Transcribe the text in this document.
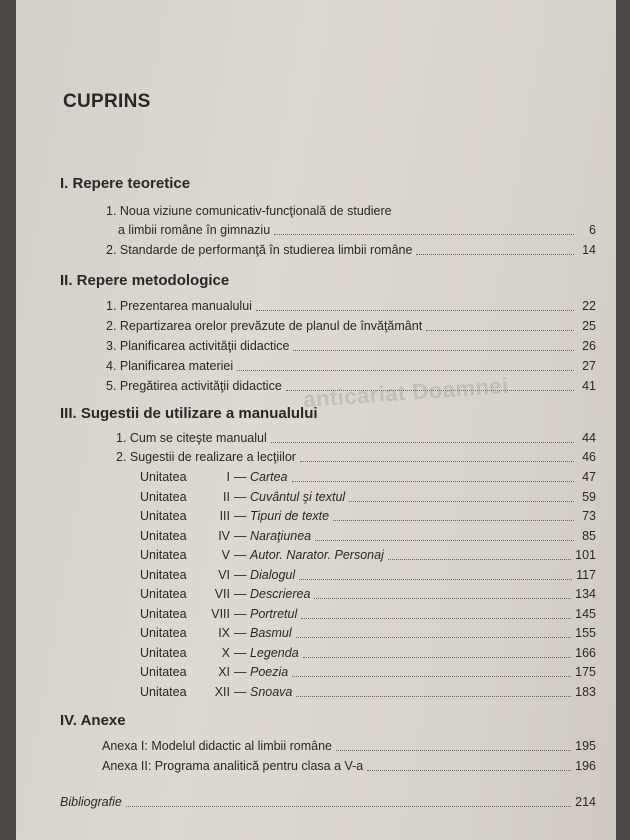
CUPRINS
I. Repere teoretice
1. Noua viziune comunicativ-funcţională de studiere
a limbii române în gimnaziu	6
2. Standarde de performanţă în studierea limbii române	14
II. Repere metodologice
1. Prezentarea manualului	22
2. Repartizarea orelor prevăzute de planul de învăţământ	25
3. Planificarea activităţii didactice	26
4. Planificarea materiei	27
5. Pregătirea activităţii didactice	41
III. Sugestii de utilizare a manualului
1. Cum se citeşte manualul	44
2. Sugestii de realizare a lecţiilor	46
Unitatea	I — Cartea	47
Unitatea	II — Cuvântul şi textul	59
Unitatea	III — Tipuri de texte	73
Unitatea	IV — Naraţiunea	85
Unitatea	V — Autor. Narator. Personaj	101
Unitatea	VI — Dialogul	117
Unitatea VII — Descrierea	134
Unitatea VIII — Portretul	145
Unitatea	IX — Basmul	155
Unitatea	X — Legenda	166
Unitatea	XI — Poezia	175
Unitatea XII — Snoava	183
IV. Anexe
Anexa I: Modelul didactic al limbii române	195
Anexa II: Programa analitică pentru clasa a V-a	196
Bibliografie	214
anticariat Doamnei
